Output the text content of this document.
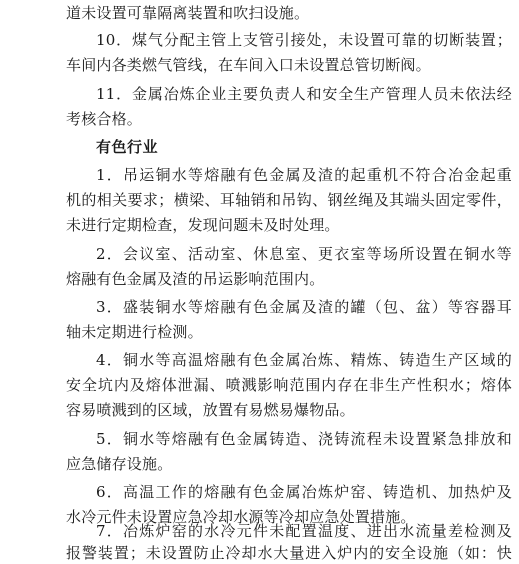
道未设置可靠隔离装置和吹扫设施。
10．煤气分配主管上支管引接处，未设置可靠的切断装置；
车间内各类燃气管线，在车间入口未设置总管切断阀。
11．金属冶炼企业主要负责人和安全生产管理人员未依法经
考核合格。
有色行业
1．吊运铜水等熔融有色金属及渣的起重机不符合冶金起重
机的相关要求；横梁、耳轴销和吊钩、钢丝绳及其端头固定零件，
未进行定期检查，发现问题未及时处理。
2．会议室、活动室、休息室、更衣室等场所设置在铜水等
熔融有色金属及渣的吊运影响范围内。
3．盛装铜水等熔融有色金属及渣的罐（包、盆）等容器耳
轴未定期进行检测。
4．铜水等高温熔融有色金属冶炼、精炼、铸造生产区域的
安全坑内及熔体泄漏、喷溅影响范围内存在非生产性积水；熔体
容易喷溅到的区域，放置有易燃易爆物品。
5．铜水等熔融有色金属铸造、浇铸流程未设置紧急排放和
应急储存设施。
6．高温工作的熔融有色金属冶炼炉窑、铸造机、加热炉及
水冷元件未设置应急冷却水源等冷却应急处置措施。
7．冶炼炉窑的水冷元件未配置温度、进出水流量差检测及
报警装置；未设置防止冷却水大量进入炉内的安全设施（如：快
